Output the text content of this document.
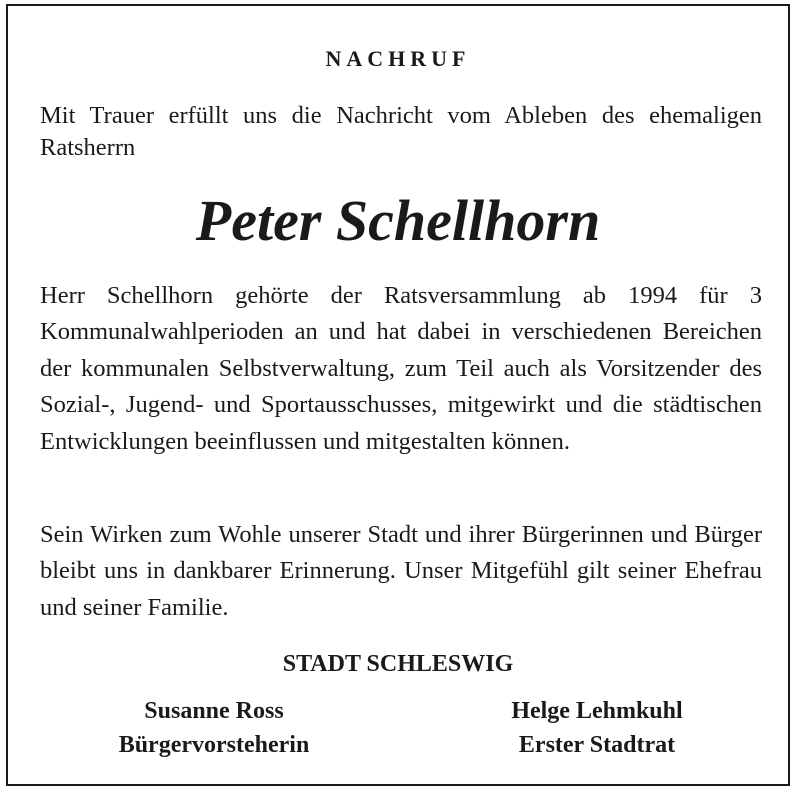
NACHRUF
Mit Trauer erfüllt uns die Nachricht vom Ableben des ehemaligen Ratsherrn
Peter Schellhorn
Herr Schellhorn gehörte der Ratsversammlung ab 1994 für 3 Kommunalwahlperioden an und hat dabei in verschiedenen Bereichen der kommunalen Selbstverwaltung, zum Teil auch als Vorsitzender des Sozial-, Jugend- und Sportausschusses, mitgewirkt und die städtischen Entwicklungen beeinflussen und mitgestalten können.
Sein Wirken zum Wohle unserer Stadt und ihrer Bürgerinnen und Bürger bleibt uns in dankbarer Erinnerung. Unser Mitgefühl gilt seiner Ehefrau und seiner Familie.
STADT SCHLESWIG
Susanne Ross
Bürgervorsteherin
Helge Lehmkuhl
Erster Stadtrat
